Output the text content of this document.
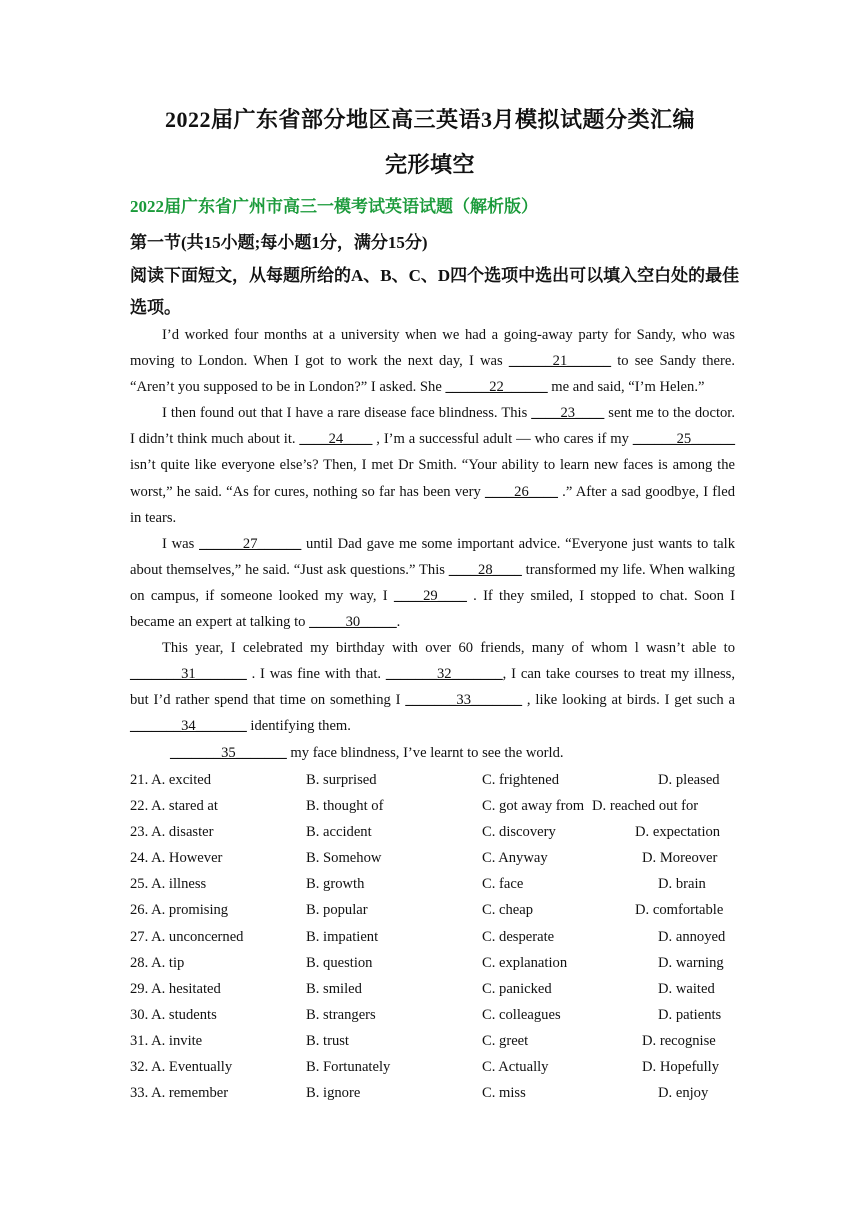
2022届广东省部分地区高三英语3月模拟试题分类汇编
完形填空
2022届广东省广州市高三一模考试英语试题（解析版）
第一节(共15小题;每小题1分，满分15分)
阅读下面短文，从每题所给的A、B、C、D四个选项中选出可以填入空白处的最佳选项。

I’d worked four months at a university when we had a going-away party for Sandy, who was moving to London. When I got to work the next day, I was ______21______ to see Sandy there. “Aren’t you supposed to be in London?” I asked. She ______22______ me and said, “I’m Helen.”

I then found out that I have a rare disease face blindness. This ____23____ sent me to the doctor. I didn’t think much about it. ____24____ , I’m a successful adult — who cares if my ______25______ isn’t quite like everyone else’s? Then, I met Dr Smith. “Your ability to learn new faces is among the worst,” he said. “As for cures, nothing so far has been very ____26____ .” After a sad goodbye, I fled in tears.

I was ______27______ until Dad gave me some important advice. “Everyone just wants to talk about themselves,” he said. “Just ask questions.” This ____28____ transformed my life. When walking on campus, if someone looked my way, I ____29____ . If they smiled, I stopped to chat. Soon I became an expert at talking to _____30_____.

This year, I celebrated my birthday with over 60 friends, many of whom l wasn’t able to _______31_______ . I was fine with that. _______32_______, I can take courses to treat my illness, but I’d rather spend that time on something I _______33_______ , like looking at birds. I get such a _______34_______ identifying them.

_______35_______ my face blindness, I’ve learnt to see the world.

21. A. excited	B. surprised	C. frightened	D. pleased
22. A. stared at	B. thought of	C. got away from D. reached out for
23. A. disaster	B. accident	C. discovery	D. expectation
24. A. However	B. Somehow	C. Anyway	D. Moreover
25. A. illness	B. growth	C. face	D. brain
26. A. promising	B. popular	C. cheap	D. comfortable
27. A. unconcerned	B. impatient	C. desperate	D. annoyed
28. A. tip	B. question	C. explanation	D. warning
29. A. hesitated	B. smiled	C. panicked	D. waited
30. A. students	B. strangers	C. colleagues	D. patients
31. A. invite	B. trust	C. greet	D. recognise
32. A. Eventually	B. Fortunately	C. Actually	D. Hopefully
33. A. remember	B. ignore	C. miss	D. enjoy
